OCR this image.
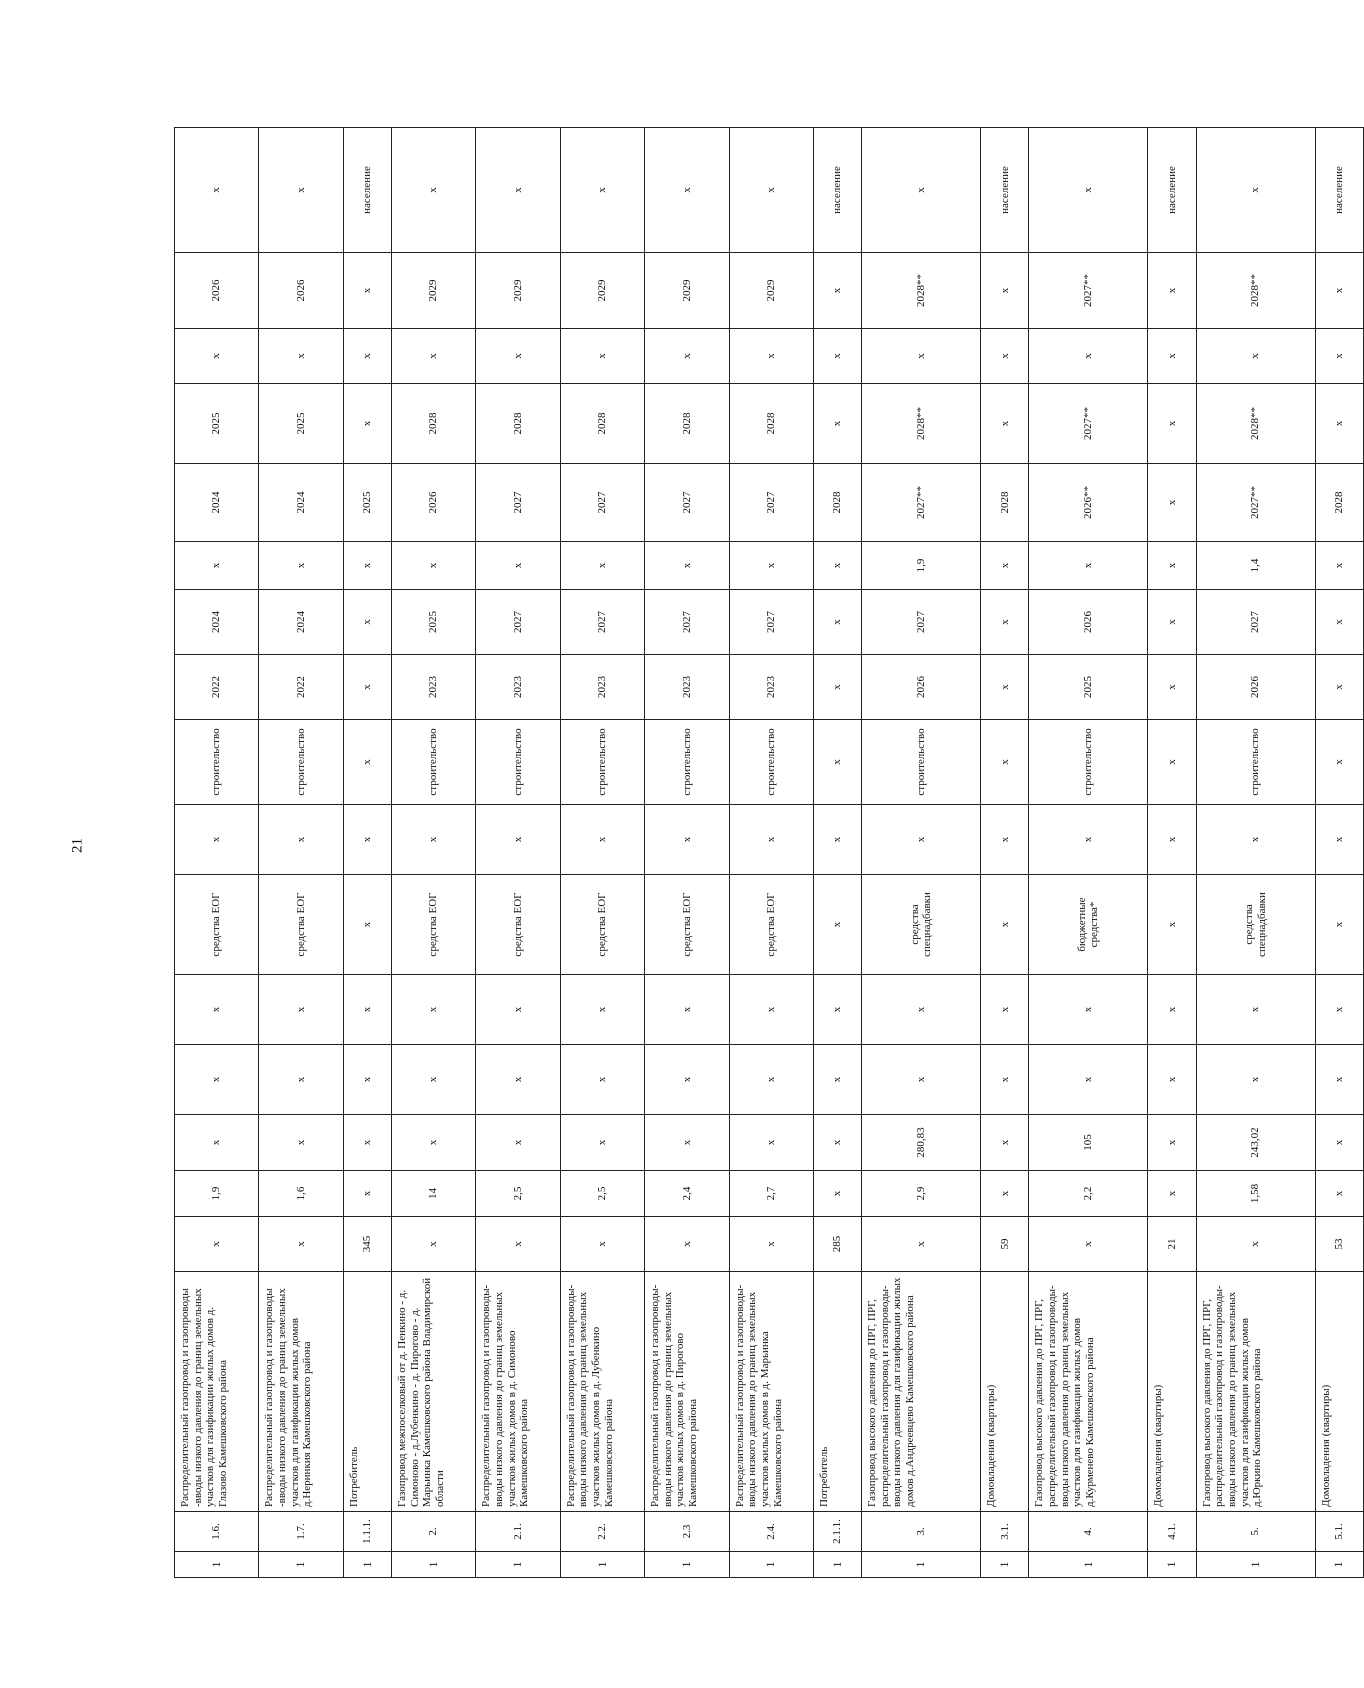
21
1	1.6.	Распределительный газопровод и газопроводы -вводы низкого давления до границ земельных участков для газификации жилых домов д. Глазово Камешковского района	x	1,9	x	x	x	средства ЕОГ	x	строительство	2022	2024	x	2024	2025	x	2026	x
1	1.7.	Распределительный газопровод и газопроводы -вводы низкого давления до границ земельных участков для газификации жилых домов д.Неринкия Камешковского района	x	1,6	x	x	x	средства ЕОГ	x	строительство	2022	2024	x	2024	2025	x	2026	x
1	1.1.1.	Потребитель	345	x	x	x	x	x	x	x	x	x	x	2025	x	x	x	население
1	2.	Газопровод межпоселковый от д. Пенкино - д. Симоново - д.Лубенкино - д. Пирогово - д. Марьинка Камешковского района Владимирской области	x	14	x	x	x	средства ЕОГ	x	строительство	2023	2025	x	2026	2028	x	2029	x
1	2.1.	Распределительный газопровод и газопроводы-вводы низкого давления до границ земельных участков жилых домов в д. Симоново Камешковского района	x	2,5	x	x	x	средства ЕОГ	x	строительство	2023	2027	x	2027	2028	x	2029	x
1	2.2.	Распределительный газопровод и газопроводы-вводы низкого давления до границ земельных участков жилых домов в д. Лубенкино Камешковского района	x	2,5	x	x	x	средства ЕОГ	x	строительство	2023	2027	x	2027	2028	x	2029	x
1	2.3	Распределительный газопровод и газопроводы-вводы низкого давления до границ земельных участков жилых домов в д. Пирогово Камешковского района	x	2,4	x	x	x	средства ЕОГ	x	строительство	2023	2027	x	2027	2028	x	2029	x
1	2.4.	Распределительный газопровод и газопроводы-вводы низкого давления до границ земельных участков жилых домов в д. Марьинка Камешковского района	x	2,7	x	x	x	средства ЕОГ	x	строительство	2023	2027	x	2027	2028	x	2029	x
1	2.1.1.	Потребитель	285	x	x	x	x	x	x	x	x	x	x	2028	x	x	x	население
1	3.	Газопровод высокого давления до ПРГ, ПРГ, распределительный газопровод и газопроводы-вводы низкого давления для газификации жилых домов д.Андреевцево Камешковского района	x	2,9	280,83	x	x	средства спецнадбавки	x	строительство	2026	2027	1,9	2027**	2028**	x	2028**	x
1	3.1.	Домовладения (квартиры)	59	x	x	x	x	x	x	x	x	x	x	2028	x	x	x	население
1	4.	Газопровод высокого давления до ПРГ, ПРГ, распределительный газопровод и газопроводы-вводы низкого давления до границ земельных участков для газификации жилых домов д.Курменево Камешковского района	x	2,2	105	x	x	бюджетные средства*	x	строительство	2025	2026	x	2026**	2027**	x	2027**	x
1	4.1.	Домовладения (квартиры)	21	x	x	x	x	x	x	x	x	x	x	x	x	x	x	население
1	5.	Газопровод высокого давления до ПРГ, ПРГ, распределительный газопровод и газопроводы-вводы низкого давления до границ земельных участков для газификации жилых домов д.Юркино Камешковского района	x	1,58	243,02	x	x	средства спецнадбавки	x	строительство	2026	2027	1,4	2027**	2028**	x	2028**	x
1	5.1.	Домовладения (квартиры)	53	x	x	x	x	x	x	x	x	x	x	2028	x	x	x	население
